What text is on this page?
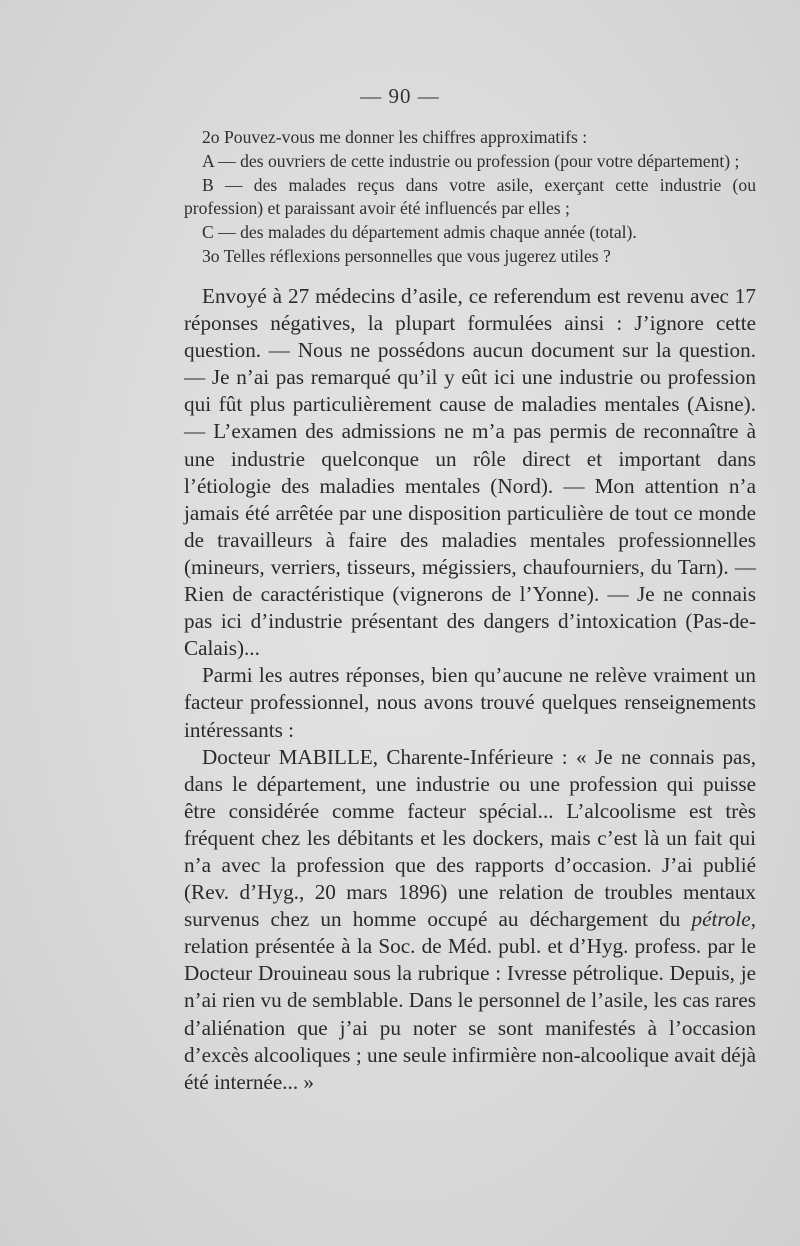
— 90 —

2o Pouvez-vous me donner les chiffres approximatifs :

A — des ouvriers de cette industrie ou profession (pour votre département) ;

B — des malades reçus dans votre asile, exerçant cette industrie (ou profession) et paraissant avoir été influencés par elles ;

C — des malades du département admis chaque année (total).

3o Telles réflexions personnelles que vous jugerez utiles ?

Envoyé à 27 médecins d’asile, ce referendum est revenu avec 17 réponses négatives, la plupart formulées ainsi : J’ignore cette question. — Nous ne possédons aucun document sur la question. — Je n’ai pas remarqué qu’il y eût ici une industrie ou profession qui fût plus particulièrement cause de maladies mentales (Aisne). — L’examen des admissions ne m’a pas permis de reconnaître à une industrie quelconque un rôle direct et important dans l’étiologie des maladies mentales (Nord). — Mon attention n’a jamais été arrêtée par une disposition particulière de tout ce monde de travailleurs à faire des maladies mentales professionnelles (mineurs, verriers, tisseurs, mégissiers, chaufourniers, du Tarn). — Rien de caractéristique (vignerons de l’Yonne). — Je ne connais pas ici d’industrie présentant des dangers d’intoxication (Pas-de-Calais)...

Parmi les autres réponses, bien qu’aucune ne relève vraiment un facteur professionnel, nous avons trouvé quelques renseignements intéressants :

Docteur MABILLE, Charente-Inférieure : « Je ne connais pas, dans le département, une industrie ou une profession qui puisse être considérée comme facteur spécial... L’alcoolisme est très fréquent chez les débitants et les dockers, mais c’est là un fait qui n’a avec la profession que des rapports d’occasion. J’ai publié (Rev. d’Hyg., 20 mars 1896) une relation de troubles mentaux survenus chez un homme occupé au déchargement du pétrole, relation présentée à la Soc. de Méd. publ. et d’Hyg. profess. par le Docteur Drouineau sous la rubrique : Ivresse pétrolique. Depuis, je n’ai rien vu de semblable. Dans le personnel de l’asile, les cas rares d’aliénation que j’ai pu noter se sont manifestés à l’occasion d’excès alcooliques ; une seule infirmière non-alcoolique avait déjà été internée... »
